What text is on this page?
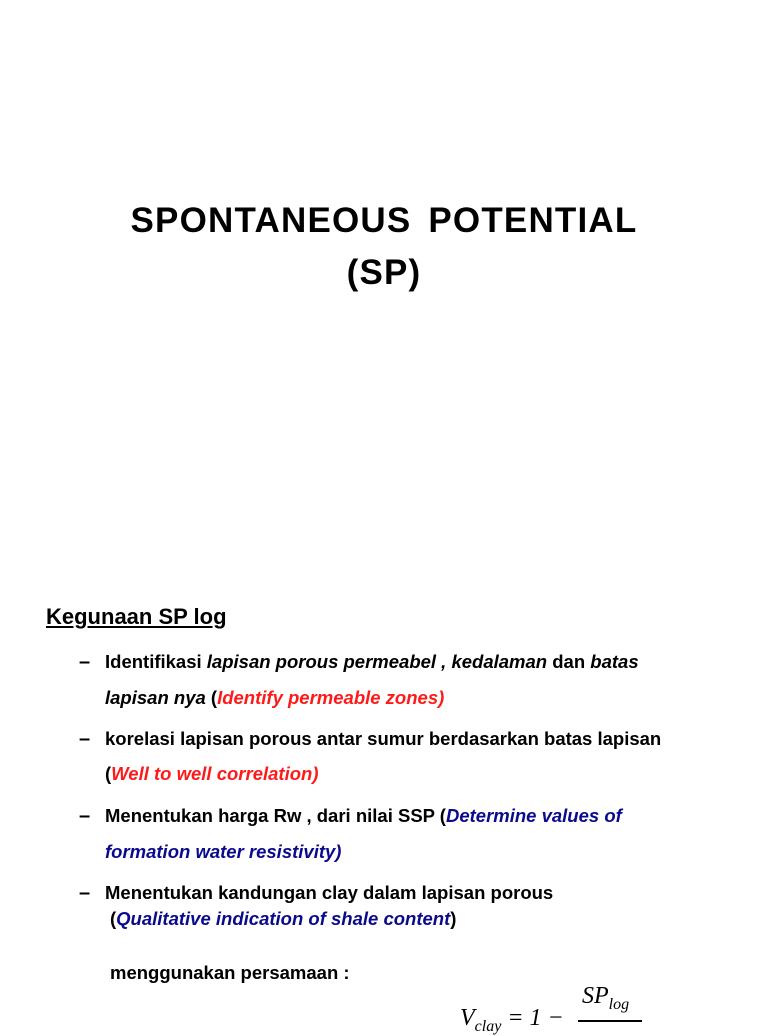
SPONTANEOUS POTENTIAL
(SP)
Kegunaan SP log
– Identifikasi lapisan porous permeabel , kedalaman dan batas
lapisan nya (Identify permeable zones)
– korelasi lapisan porous antar sumur berdasarkan batas lapisan
(Well to well correlation)
– Menentukan harga Rw , dari nilai SSP (Determine values of
formation water resistivity)
– Menentukan kandungan clay dalam lapisan porous
(Qualitative indication of shale content)
menggunakan persamaan :
$SP_{log}$
$V_{clay} = 1$ −
